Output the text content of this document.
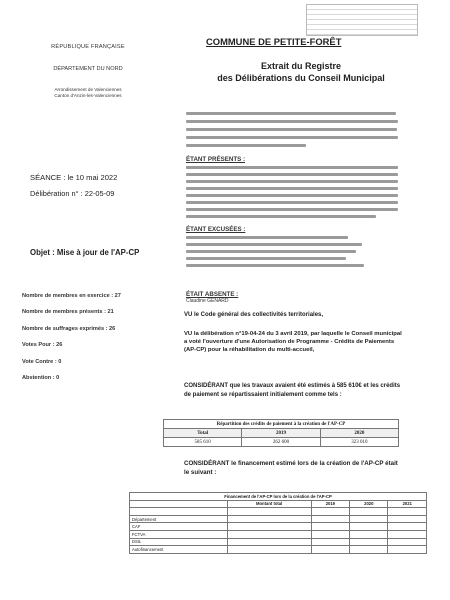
RÉPUBLIQUE FRANÇAISE
DÉPARTEMENT DU NORD
Arrondissement de Valenciennes
Canton d'Anzin-les-Valenciennes
SÉANCE : le 10 mai 2022
Délibération n° : 22-05-09
Objet : Mise à jour de l'AP-CP
Nombre de membres en exercice : 27
Nombre de membres présents : 21
Nombre de suffrages exprimés : 26
Votes Pour : 26
Vote Contre : 0
Abstention : 0
COMMUNE DE PETITE-FORÊT
Extrait du Registre
des Délibérations du Conseil Municipal
ÉTANT PRÉSENTS :
ÉTANT EXCUSÉES :
ÉTAIT ABSENTE :
Claudine GENARD
VU le Code général des collectivités territoriales,
VU la délibération n°19-04-24 du 3 avril 2019, par laquelle le Conseil municipal a voté l'ouverture d'une Autorisation de Programme - Crédits de Paiements (AP-CP) pour la réhabilitation du multi-accueil,
CONSIDÉRANT que les travaux avaient été estimés à 585 610€ et les crédits de paiement se répartissaient initialement comme tels :
Répartition des crédits de paiement à la création de l'AP-CP		
Total	2019	2020
585 610	262 600	323 010
CONSIDÉRANT le financement estimé lors de la création de l'AP-CP était le suivant :
Financement de l'AP-CP lors de la création de l'AP-CP				
	Montant total	2019	2020	2021

Département				
CAF				
FCTVA				
DSIL				
Autofinancement				
